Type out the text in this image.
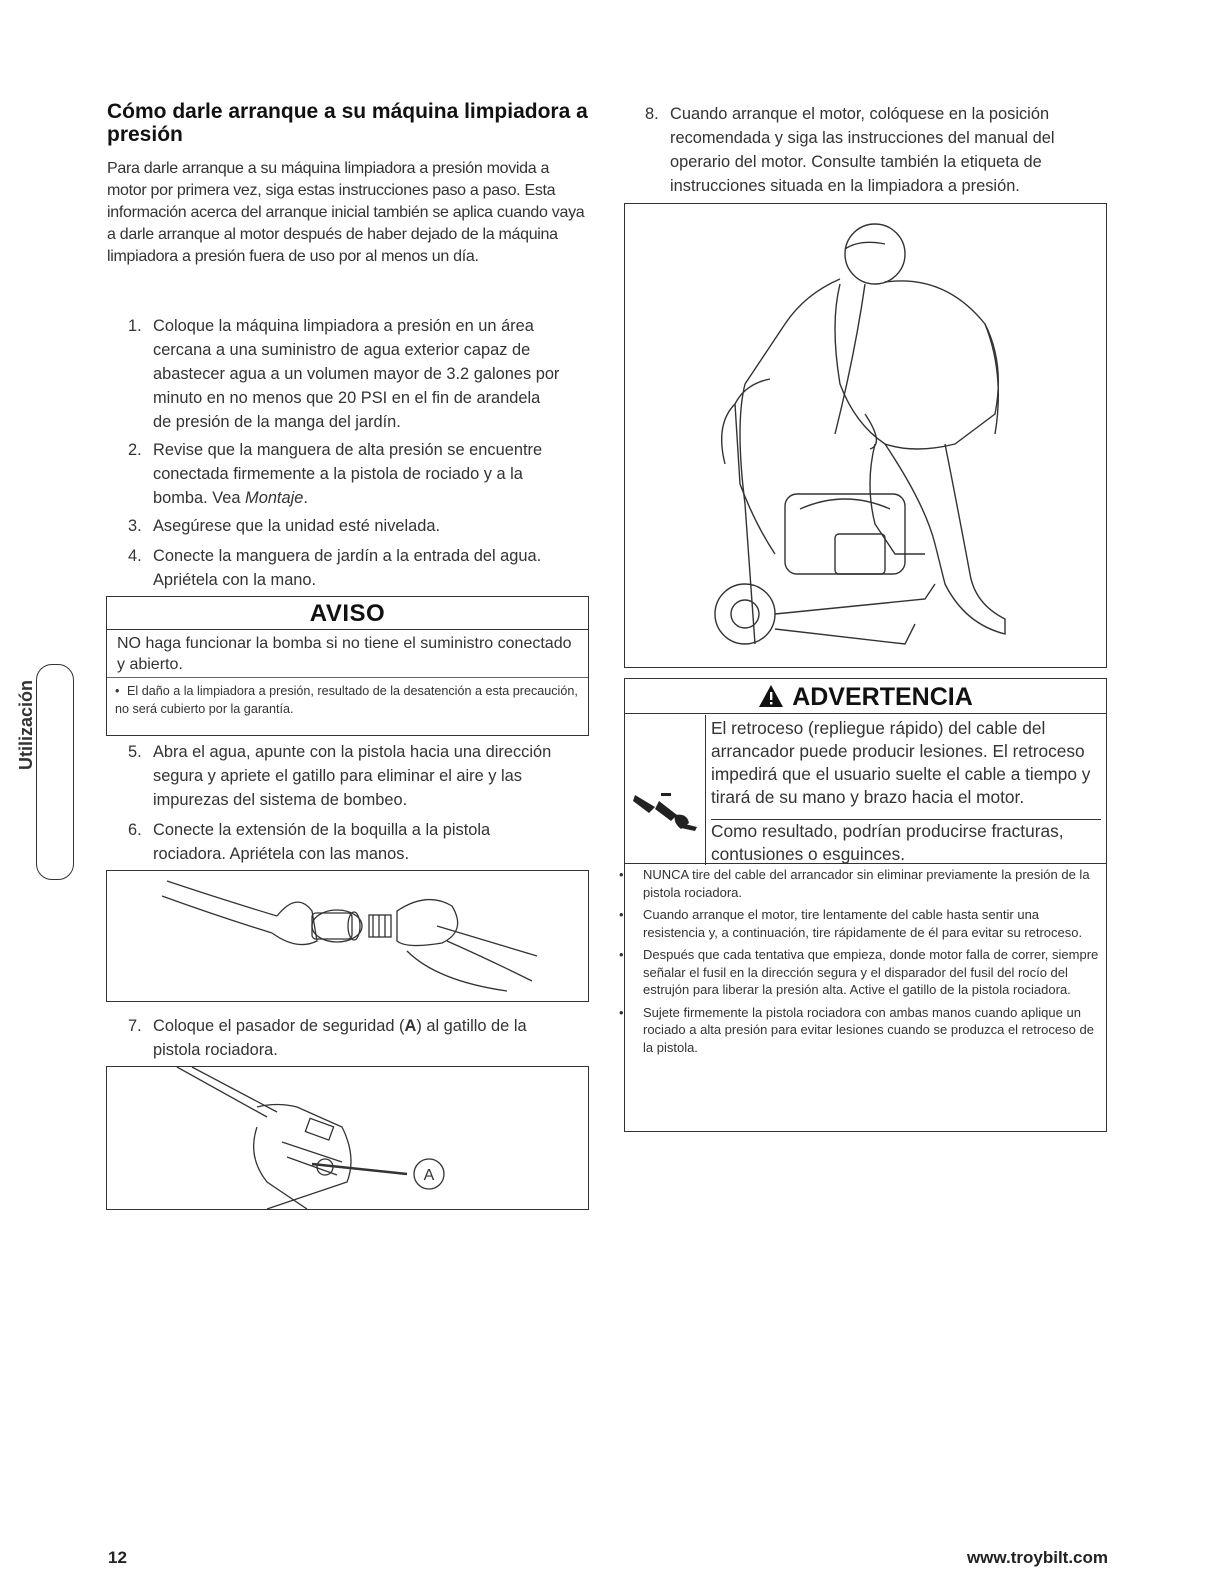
Cómo darle arranque a su máquina limpiadora a
presión
Para darle arranque a su máquina limpiadora a presión movida a motor por primera vez, siga estas instrucciones paso a paso. Esta información acerca del arranque inicial también se aplica cuando vaya a darle arranque al motor después de haber dejado de la máquina limpiadora a presión fuera de uso por al menos un día.
1. Coloque la máquina limpiadora a presión en un área
cercana a una suministro de agua exterior capaz de
abastecer agua a un volumen mayor de 3.2 galones por
minuto en no menos que 20 PSI en el fin de arandela
de presión de la manga del jardín.
2. Revise que la manguera de alta presión se encuentre
conectada firmemente a la pistola de rociado y a la
bomba. Vea Montaje.
3. Asegúrese que la unidad esté nivelada.
4. Conecte la manguera de jardín a la entrada del agua.
Apriétela con la mano.
AVISO
NO haga funcionar la bomba si no tiene el suministro conectado y abierto.
• El daño a la limpiadora a presión, resultado de la desatención a esta precaución, no será cubierto por la garantía.
5. Abra el agua, apunte con la pistola hacia una dirección
segura y apriete el gatillo para eliminar el aire y las
impurezas del sistema de bombeo.
6. Conecte la extensión de la boquilla a la pistola
rociadora. Apriétela con las manos.
7. Coloque el pasador de seguridad (A) al gatillo de la
pistola rociadora.
A
Utilización
8. Cuando arranque el motor, colóquese en la posición
recomendada y siga las instrucciones del manual del
operario del motor. Consulte también la etiqueta de
instrucciones situada en la limpiadora a presión.
ADVERTENCIA
El retroceso (repliegue rápido) del cable del arrancador puede producir lesiones. El retroceso impedirá que el usuario suelte el cable a tiempo y tirará de su mano y brazo hacia el motor.
Como resultado, podrían producirse fracturas, contusiones o esguinces.
• NUNCA tire del cable del arrancador sin eliminar previamente la presión de la pistola rociadora.
• Cuando arranque el motor, tire lentamente del cable hasta sentir una resistencia y, a continuación, tire rápidamente de él para evitar su retroceso.
• Después que cada tentativa que empieza, donde motor falla de correr, siempre señalar el fusil en la dirección segura y el disparador del fusil del rocío del estrujón para liberar la presión alta. Active el gatillo de la pistola rociadora.
• Sujete firmemente la pistola rociadora con ambas manos cuando aplique un rociado a alta presión para evitar lesiones cuando se produzca el retroceso de la pistola.
12	www.troybilt.com
